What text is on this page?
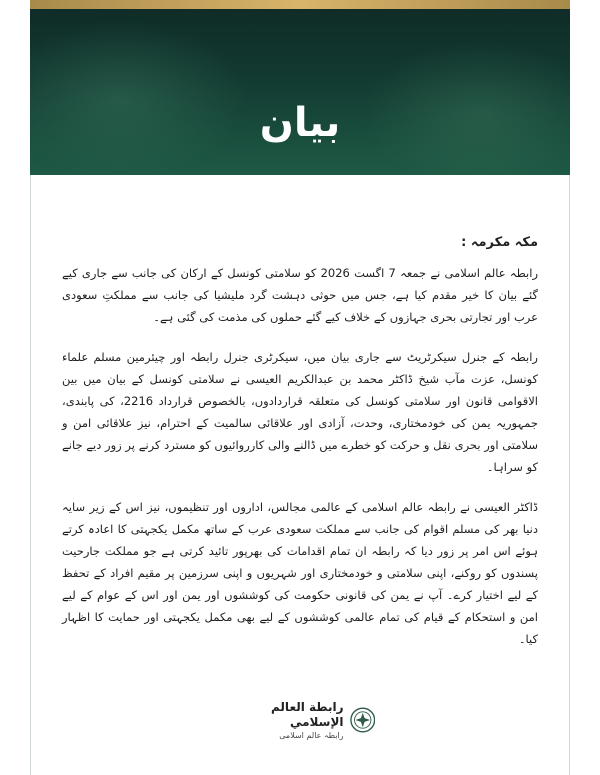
بیان

مکہ مکرمہ :

رابطہ عالم اسلامی نے جمعہ 7 اگست 2026 کو سلامتی کونسل کے ارکان کی جانب سے جاری کیے گئے بیان کا خیر مقدم کیا ہے، جس میں حوثی دہشت گرد ملیشیا کی جانب سے مملکتِ سعودی عرب اور تجارتی بحری جہازوں کے خلاف کیے گئے حملوں کی مذمت کی گئی ہے۔

رابطہ کے جنرل سیکرٹریٹ سے جاری بیان میں، سیکرٹری جنرل رابطہ اور چیئرمین مسلم علماء کونسل، عزت مآب شیخ ڈاکٹر محمد بن عبدالکریم العیسی نے سلامتی کونسل کے بیان میں بین الاقوامی قانون اور سلامتی کونسل کی متعلقہ قراردادوں، بالخصوص قرارداد 2216، کی پابندی، جمہوریہ یمن کی خودمختاری، وحدت، آزادی اور علاقائی سالمیت کے احترام، نیز علاقائی امن و سلامتی اور بحری نقل و حرکت کو خطرے میں ڈالنے والی کارروائیوں کو مسترد کرنے پر زور دیے جانے کو سراہا۔

ڈاکٹر العیسی نے رابطہ عالم اسلامی کے عالمی مجالس، اداروں اور تنظیموں، نیز اس کے زیر سایہ دنیا بھر کی مسلم اقوام کی جانب سے مملکت سعودی عرب کے ساتھ مکمل یکجہتی کا اعادہ کرتے ہوئے اس امر پر زور دیا کہ رابطہ ان تمام اقدامات کی بھرپور تائید کرتی ہے جو مملکت جارحیت پسندوں کو روکنے، اپنی سلامتی و خودمختاری اور شہریوں و اپنی سرزمین پر مقیم افراد کے تحفظ کے لیے اختیار کرے۔ آپ نے یمن کی قانونی حکومت کی کوششوں اور یمن اور اس کے عوام کے لیے امن و استحکام کے قیام کی تمام عالمی کوششوں کے لیے بھی مکمل یکجہتی اور حمایت کا اظہار کیا۔

رابطة العالم الإسلامي
رابطہ عالم اسلامی
